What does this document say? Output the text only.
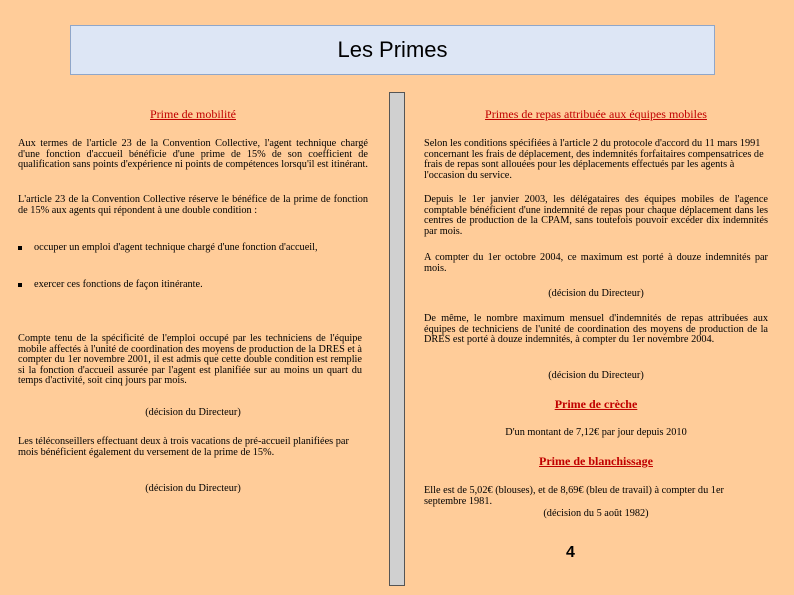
Les Primes
Prime de mobilité
Aux termes de l'article 23 de la Convention Collective, l'agent technique chargé d'une fonction d'accueil bénéficie d'une prime de 15% de son coefficient de qualification sans points d'expérience ni points de compétences lorsqu'il est itinérant.
L'article 23 de la Convention Collective réserve le bénéfice de la prime de fonction de 15% aux agents qui répondent à une double condition :
occuper un emploi d'agent technique chargé d'une fonction d'accueil,
exercer ces fonctions de façon itinérante.
Compte tenu de la spécificité de l'emploi occupé par les techniciens de l'équipe mobile affectés à l'unité de coordination des moyens de production de la DRES et à compter du 1er novembre 2001, il est admis que cette double condition est remplie si la fonction d'accueil assurée par l'agent est planifiée sur au moins un quart du temps d'activité, soit cinq jours par mois.
(décision du Directeur)
Les téléconseillers effectuant deux à trois vacations de pré-accueil planifiées par mois bénéficient également du versement de la prime de 15%.
(décision du Directeur)
Primes de repas attribuée aux équipes mobiles
Selon les conditions spécifiées à l'article 2 du protocole d'accord du 11 mars 1991 concernant les frais de déplacement, des indemnités forfaitaires compensatrices de frais de repas sont allouées pour les déplacements effectués par les agents à l'occasion du service.
Depuis le 1er janvier 2003, les délégataires des équipes mobiles de l'agence comptable bénéficient d'une indemnité de repas pour chaque déplacement dans les centres de production de la CPAM, sans toutefois pouvoir excéder dix indemnités par mois.
A compter du 1er octobre 2004, ce maximum est porté à douze indemnités par mois.
(décision du Directeur)
De même, le nombre maximum mensuel d'indemnités de repas attribuées aux équipes de techniciens de l'unité de coordination des moyens de production de la DRES est porté à douze indemnités, à compter du 1er novembre 2004.
(décision du Directeur)
Prime de crèche
D'un montant de 7,12€ par jour depuis 2010
Prime de blanchissage
Elle est de 5,02€ (blouses), et de 8,69€ (bleu de travail) à compter du 1er septembre 1981.
(décision du 5 août 1982)
4
